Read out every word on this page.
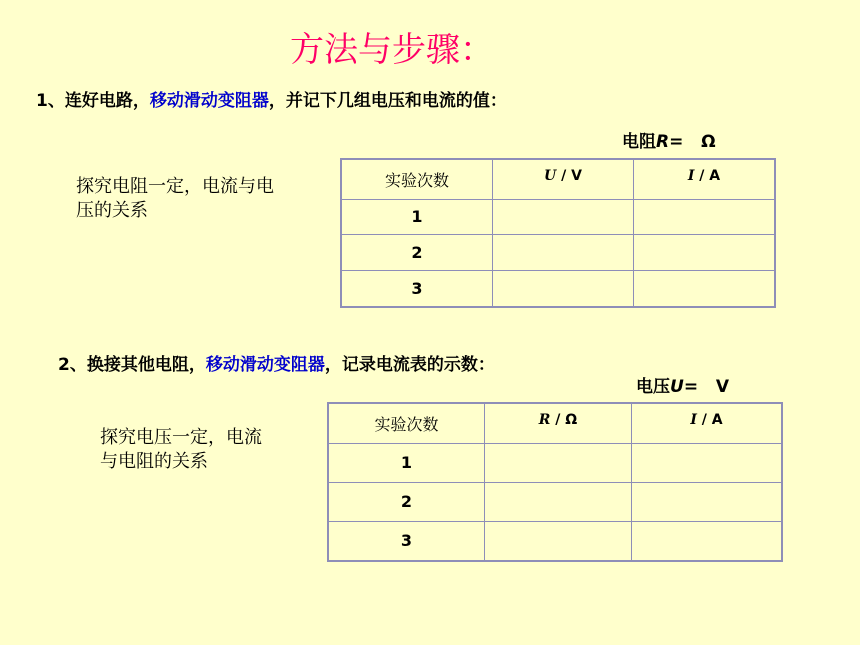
方法与步骤：
1、连好电路，移动滑动变阻器，并记下几组电压和电流的值：
电阻R= Ω
探究电阻一定，电流与电压的关系
实验次数	U / V	I / A
1		
2		
3		
2、换接其他电阻，移动滑动变阻器，记录电流表的示数：
电压U= V
探究电压一定，电流与电阻的关系
实验次数	R / Ω	I / A
1		
2		
3		
